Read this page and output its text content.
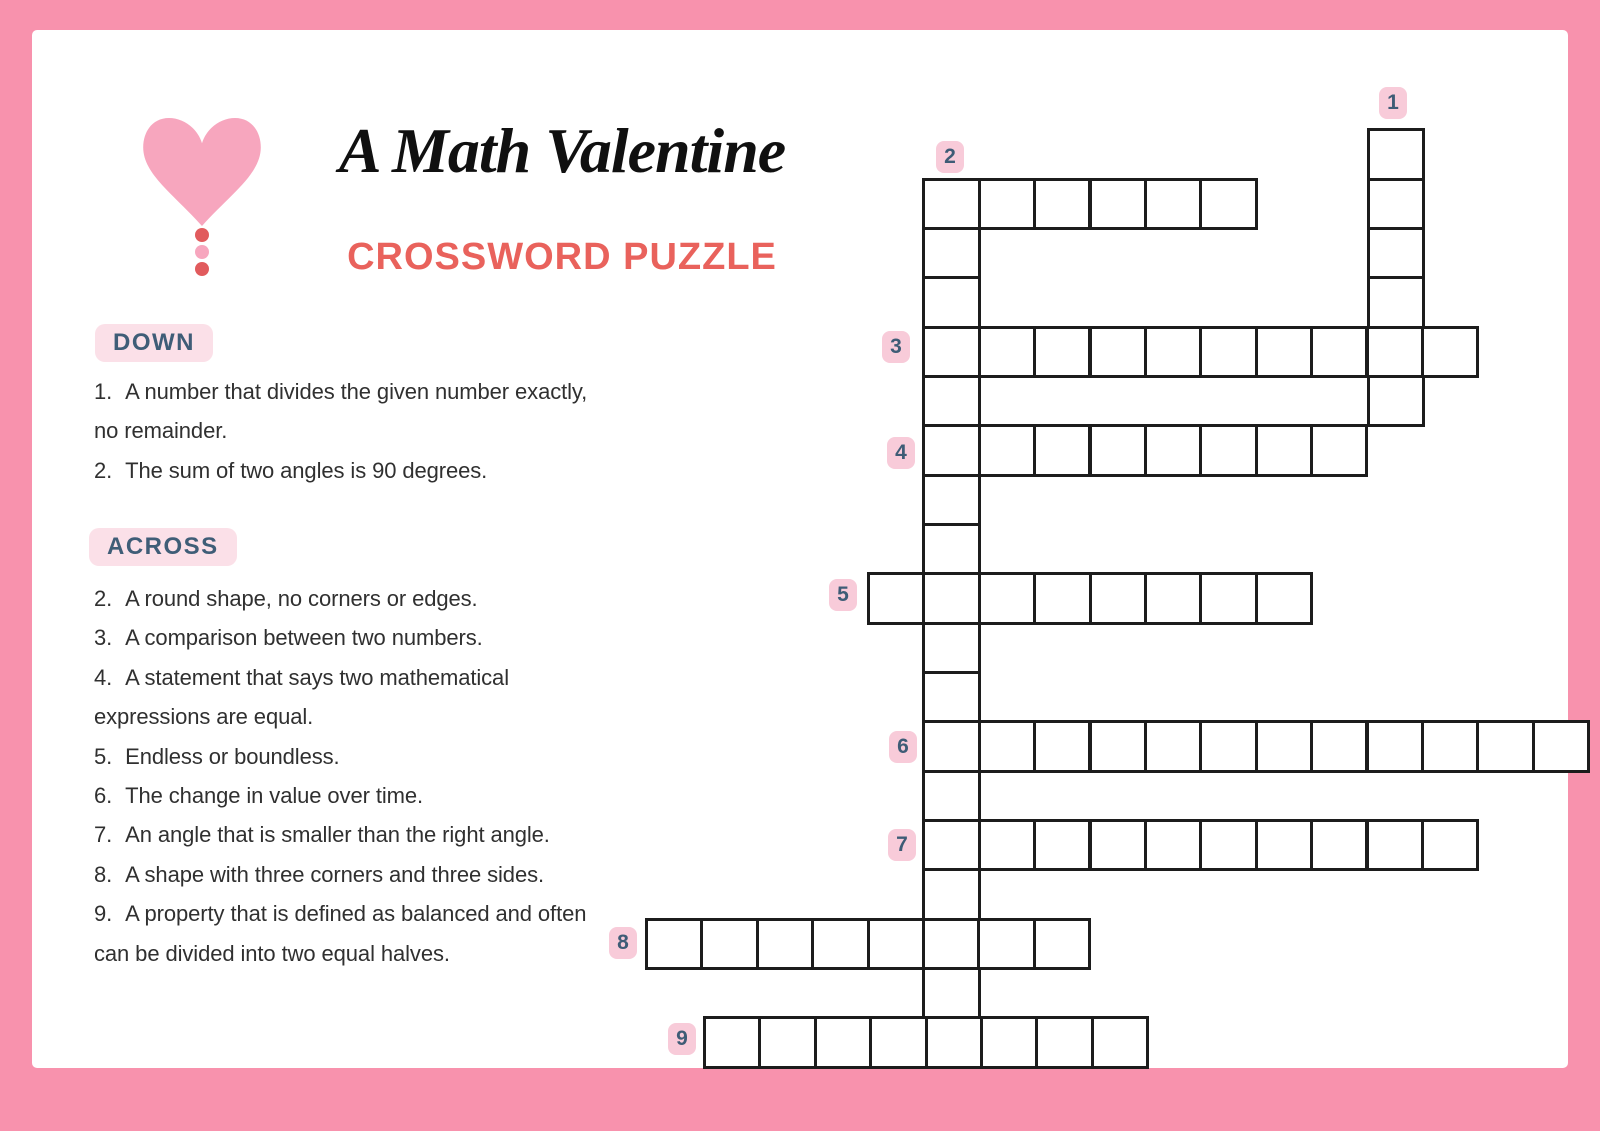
A Math Valentine
CROSSWORD PUZZLE
DOWN
1. A number that divides the given number exactly, no remainder.
2. The sum of two angles is 90 degrees.
ACROSS
2. A round shape, no corners or edges.
3. A comparison between two numbers.
4. A statement that says two mathematical expressions are equal.
5. Endless or boundless.
6. The change in value over time.
7. An angle that is smaller than the right angle.
8. A shape with three corners and three sides.
9. A property that is defined as balanced and often can be divided into two equal halves.
1
2
3
4
5
6
7
8
9
